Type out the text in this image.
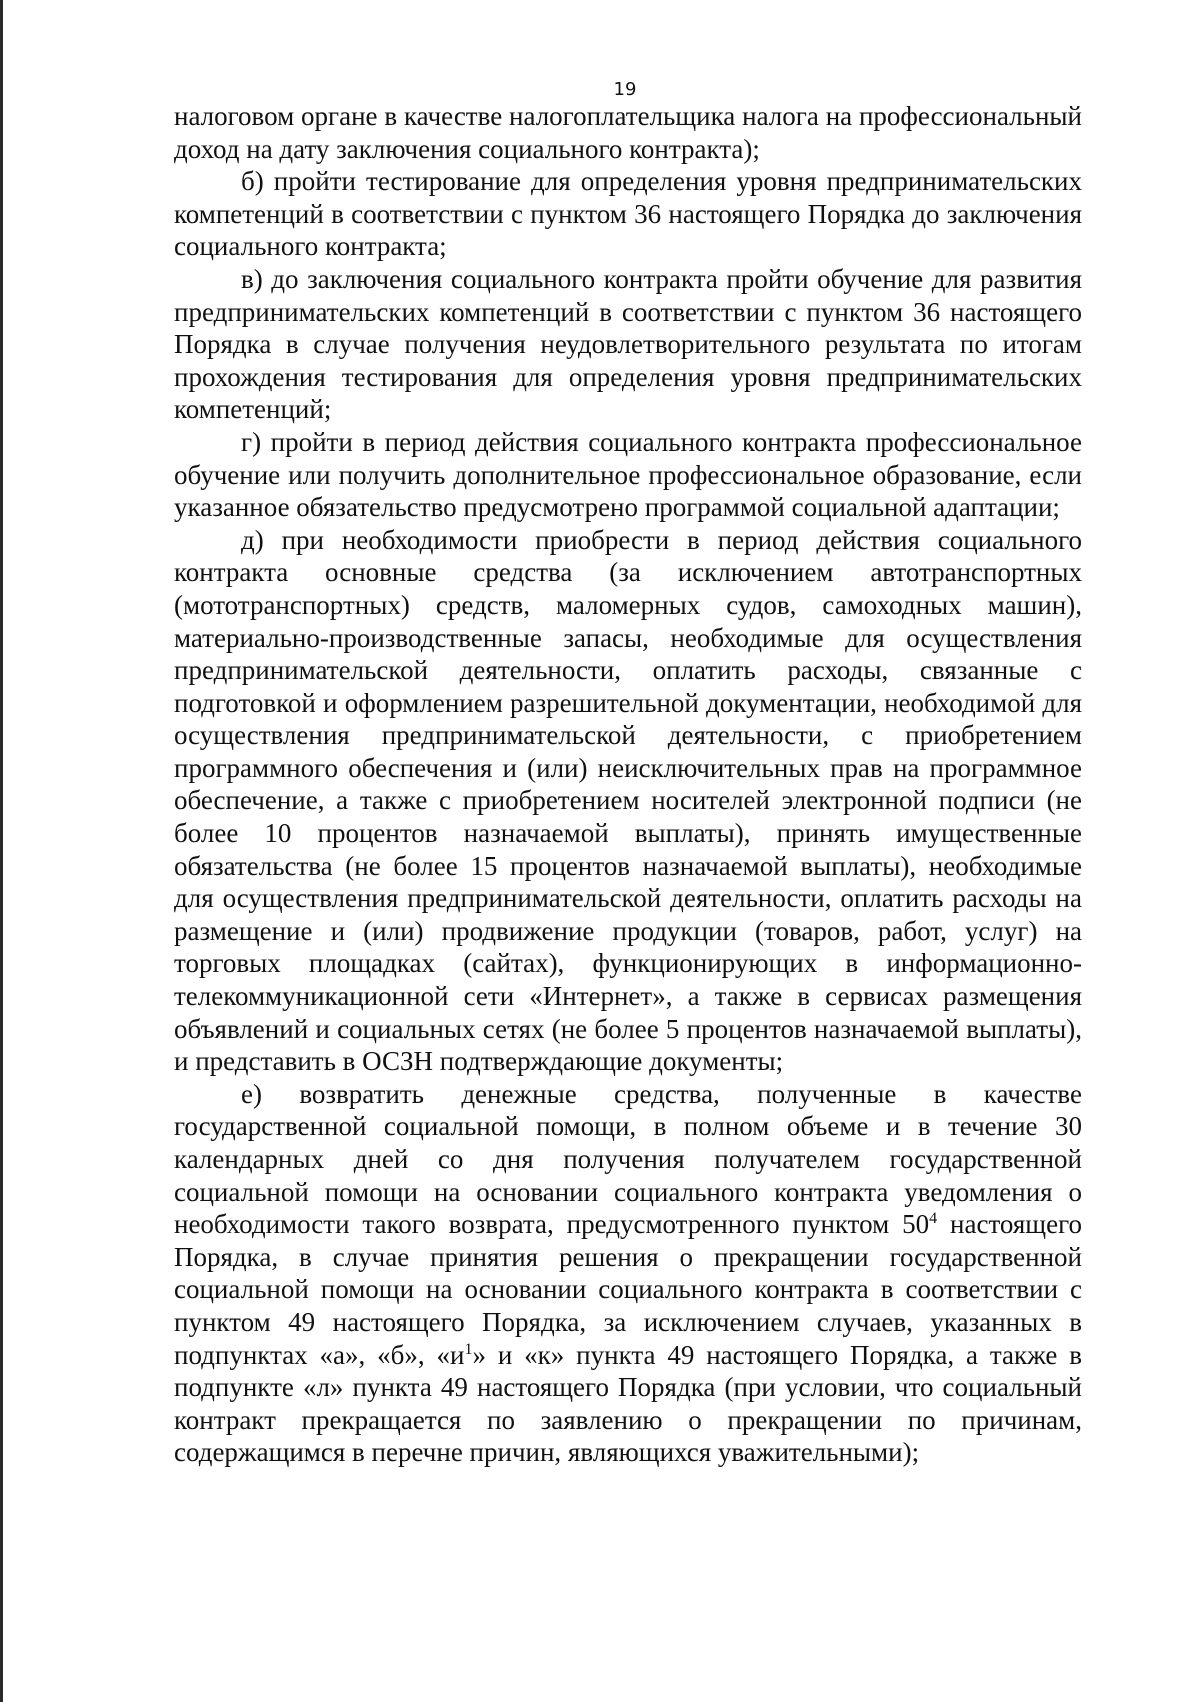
19

налоговом органе в качестве налогоплательщика налога на профессиональный доход на дату заключения социального контракта);

б) пройти тестирование для определения уровня предпринимательских компетенций в соответствии с пунктом 36 настоящего Порядка до заключения социального контракта;

в) до заключения социального контракта пройти обучение для развития предпринимательских компетенций в соответствии с пунктом 36 настоящего Порядка в случае получения неудовлетворительного результата по итогам прохождения тестирования для определения уровня предпринимательских компетенций;

г) пройти в период действия социального контракта профессиональное обучение или получить дополнительное профессиональное образование, если указанное обязательство предусмотрено программой социальной адаптации;

д) при необходимости приобрести в период действия социального контракта основные средства (за исключением автотранспортных (мототранспортных) средств, маломерных судов, самоходных машин), материально-производственные запасы, необходимые для осуществления предпринимательской деятельности, оплатить расходы, связанные с подготовкой и оформлением разрешительной документации, необходимой для осуществления предпринимательской деятельности, с приобретением программного обеспечения и (или) неисключительных прав на программное обеспечение, а также с приобретением носителей электронной подписи (не более 10 процентов назначаемой выплаты), принять имущественные обязательства (не более 15 процентов назначаемой выплаты), необходимые для осуществления предпринимательской деятельности, оплатить расходы на размещение и (или) продвижение продукции (товаров, работ, услуг) на торговых площадках (сайтах), функционирующих в информационно-телекоммуникационной сети «Интернет», а также в сервисах размещения объявлений и социальных сетях (не более 5 процентов назначаемой выплаты), и представить в ОСЗН подтверждающие документы;

е) возвратить денежные средства, полученные в качестве государственной социальной помощи, в полном объеме и в течение 30 календарных дней со дня получения получателем государственной социальной помощи на основании социального контракта уведомления о необходимости такого возврата, предусмотренного пунктом $50^4$ настоящего Порядка, в случае принятия решения о прекращении государственной социальной помощи на основании социального контракта в соответствии с пунктом 49 настоящего Порядка, за исключением случаев, указанных в подпунктах «а», «б», «$и^1$» и «к» пункта 49 настоящего Порядка, а также в подпункте «л» пункта 49 настоящего Порядка (при условии, что социальный контракт прекращается по заявлению о прекращении по причинам, содержащимся в перечне причин, являющихся уважительными);
